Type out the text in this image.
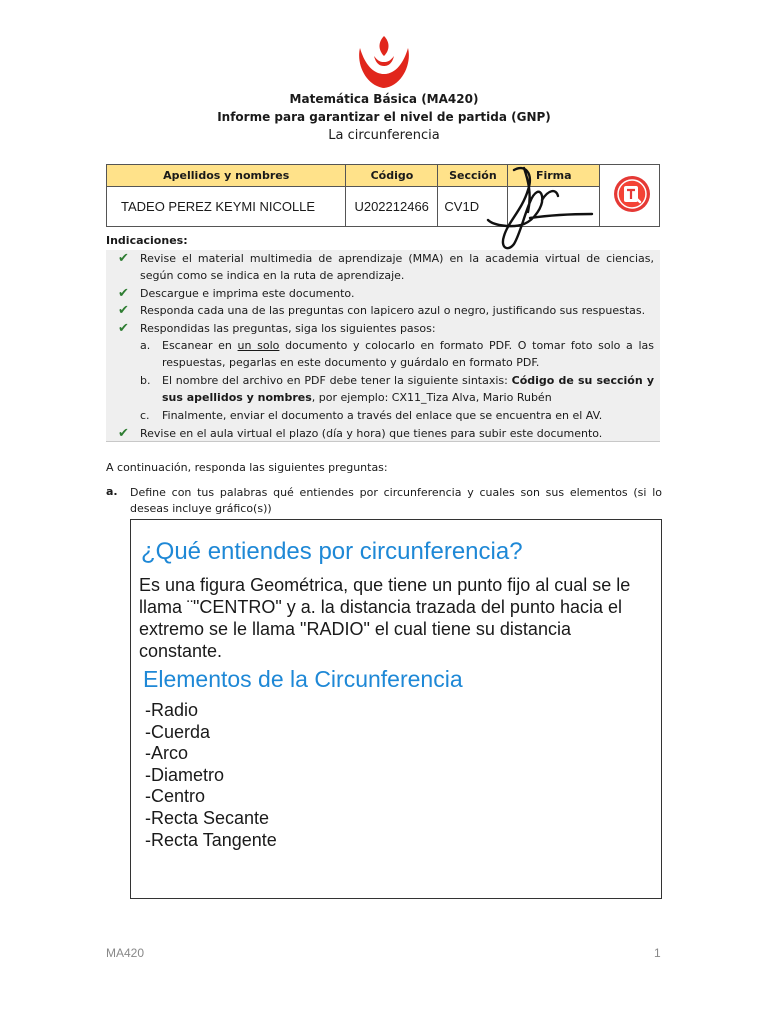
Matemática Básica (MA420)
Informe para garantizar el nivel de partida (GNP)
La circunferencia
Apellidos y nombres	Código	Sección	Firma	
TADEO PEREZ KEYMI NICOLLE	U202212466	CV1D		
Indicaciones:
✔ Revise el material multimedia de aprendizaje (MMA) en la academia virtual de ciencias, según como se indica en la ruta de aprendizaje.
✔ Descargue e imprima este documento.
✔ Responda cada una de las preguntas con lapicero azul o negro, justificando sus respuestas.
✔ Respondidas las preguntas, siga los siguientes pasos:
a. Escanear en un solo documento y colocarlo en formato PDF. O tomar foto solo a las respuestas, pegarlas en este documento y guárdalo en formato PDF.
b. El nombre del archivo en PDF debe tener la siguiente sintaxis: Código de su sección y sus apellidos y nombres, por ejemplo: CX11_Tiza Alva, Mario Rubén
c. Finalmente, enviar el documento a través del enlace que se encuentra en el AV.
✔ Revise en el aula virtual el plazo (día y hora) que tienes para subir este documento.
A continuación, responda las siguientes preguntas:
a. Define con tus palabras qué entiendes por circunferencia y cuales son sus elementos (si lo deseas incluye gráfico(s))
¿Qué entiendes por circunferencia?
Es una figura Geométrica, que tiene un punto fijo al cual se le llama ¨"CENTRO" y a. la distancia trazada del punto hacia el extremo se le llama "RADIO" el cual tiene su distancia constante.
Elementos de la Circunferencia
-Radio
-Cuerda
-Arco
-Diametro
-Centro
-Recta Secante
-Recta Tangente
MA420	1
